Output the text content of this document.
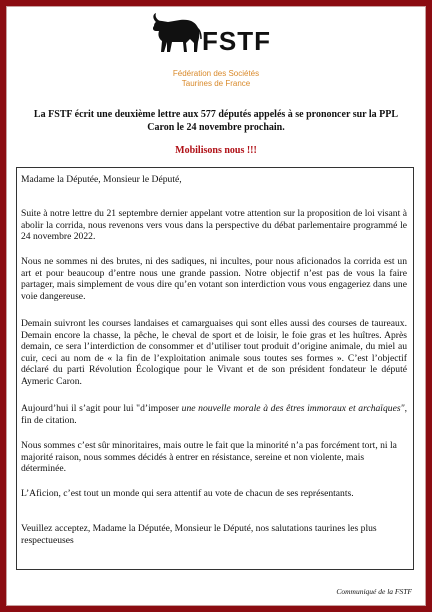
FSTF
Fédération des Sociétés
Taurines de France
La FSTF écrit une deuxième lettre aux 577 députés appelés à se prononcer sur la PPL Caron le 24 novembre prochain.
Mobilisons nous !!!

Madame la Députée, Monsieur le Député,

Suite à notre lettre du 21 septembre dernier appelant votre attention sur la proposition de loi visant à abolir la corrida, nous revenons vers vous dans la perspective du débat parlementaire programmé le 24 novembre 2022.

Nous ne sommes ni des brutes, ni des sadiques, ni incultes, pour nous aficionados la corrida est un art et pour beaucoup d’entre nous une grande passion. Notre objectif n’est pas de vous la faire partager, mais simplement de vous dire qu’en votant son interdiction vous vous engageriez dans une voie dangereuse.

Demain suivront les courses landaises et camarguaises qui sont elles aussi des courses de taureaux. Demain encore la chasse, la pêche, le cheval de sport et de loisir, le foie gras et les huîtres. Après demain, ce sera l’interdiction de consommer et d’utiliser tout produit d’origine animale, du miel au cuir, ceci au nom de « la fin de l’exploitation animale sous toutes ses formes ». C’est l’objectif déclaré du parti Révolution Écologique pour le Vivant et de son président fondateur le député Aymeric Caron.

Aujourd’hui il s’agit pour lui "d’imposer une nouvelle morale à des êtres immoraux et archaïques", fin de citation.

Nous sommes c’est sûr minoritaires, mais outre le fait que la minorité n’a pas forcément tort, ni la majorité raison, nous sommes décidés à entrer en résistance, sereine et non violente, mais déterminée.

L’Aficion, c’est tout un monde qui sera attentif au vote de chacun de ses représentants.

Veuillez acceptez, Madame la Députée, Monsieur le Député, nos salutations taurines les plus respectueuses

Communiqué de la FSTF
